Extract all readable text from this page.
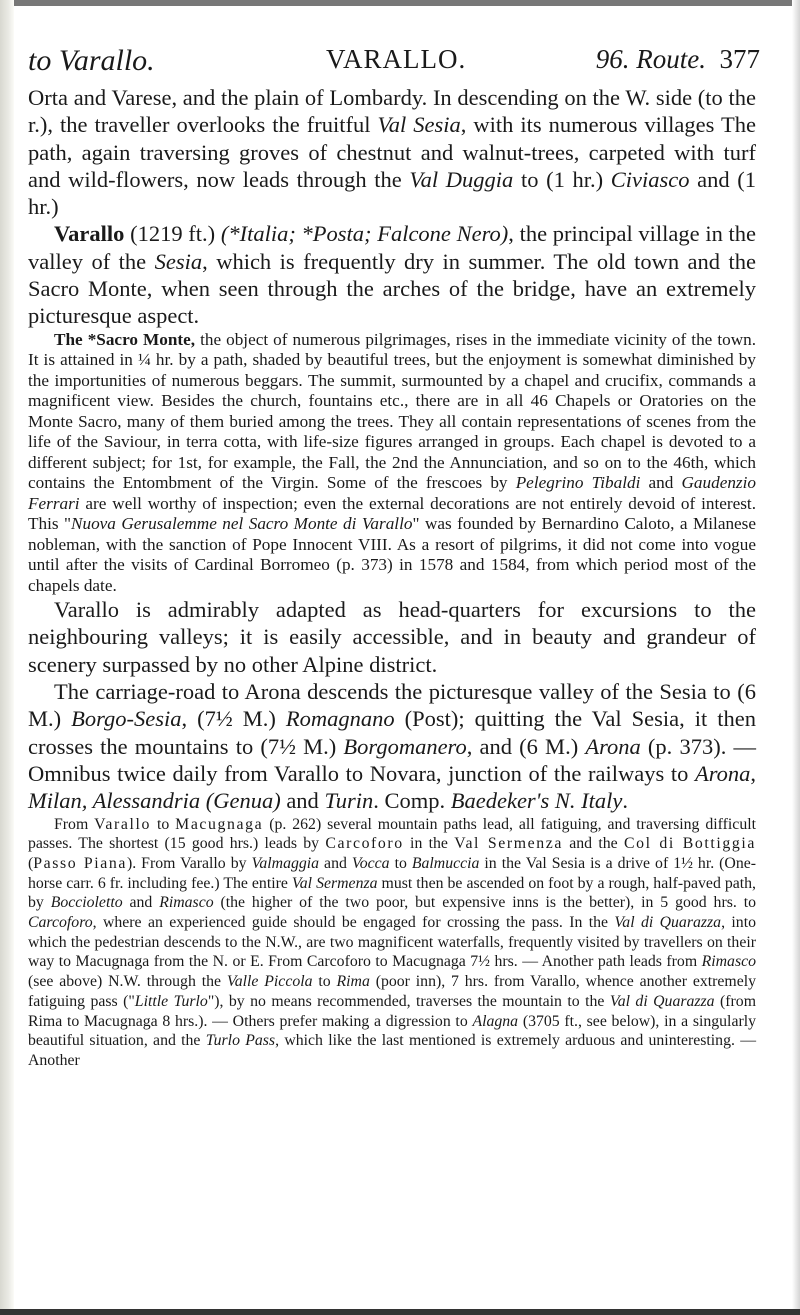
to Varallo.	VARALLO.	96. Route. 377

Orta and Varese, and the plain of Lombardy. In descending on the W. side (to the r.), the traveller overlooks the fruitful Val Sesia, with its numerous villages The path, again traversing groves of chestnut and walnut-trees, carpeted with turf and wild-flowers, now leads through the Val Duggia to (1 hr.) Civiasco and (1 hr.)

Varallo (1219 ft.) (*Italia; *Posta; Falcone Nero), the principal village in the valley of the Sesia, which is frequently dry in summer. The old town and the Sacro Monte, when seen through the arches of the bridge, have an extremely picturesque aspect.

The *Sacro Monte, the object of numerous pilgrimages, rises in the immediate vicinity of the town. It is attained in ¼ hr. by a path, shaded by beautiful trees, but the enjoyment is somewhat diminished by the importunities of numerous beggars. The summit, surmounted by a chapel and crucifix, commands a magnificent view. Besides the church, fountains etc., there are in all 46 Chapels or Oratories on the Monte Sacro, many of them buried among the trees. They all contain representations of scenes from the life of the Saviour, in terra cotta, with life-size figures arranged in groups. Each chapel is devoted to a different subject; for 1st, for example, the Fall, the 2nd the Annunciation, and so on to the 46th, which contains the Entombment of the Virgin. Some of the frescoes by Pelegrino Tibaldi and Gaudenzio Ferrari are well worthy of inspection; even the external decorations are not entirely devoid of interest. This "Nuova Gerusalemme nel Sacro Monte di Varallo" was founded by Bernardino Caloto, a Milanese nobleman, with the sanction of Pope Innocent VIII. As a resort of pilgrims, it did not come into vogue until after the visits of Cardinal Borromeo (p. 373) in 1578 and 1584, from which period most of the chapels date.

Varallo is admirably adapted as head-quarters for excursions to the neighbouring valleys; it is easily accessible, and in beauty and grandeur of scenery surpassed by no other Alpine district.

The carriage-road to Arona descends the picturesque valley of the Sesia to (6 M.) Borgo-Sesia, (7½ M.) Romagnano (Post); quitting the Val Sesia, it then crosses the mountains to (7½ M.) Borgomanero, and (6 M.) Arona (p. 373). — Omnibus twice daily from Varallo to Novara, junction of the railways to Arona, Milan, Alessandria (Genua) and Turin. Comp. Baedeker's N. Italy.

From Varallo to Macugnaga (p. 262) several mountain paths lead, all fatiguing, and traversing difficult passes. The shortest (15 good hrs.) leads by Carcoforo in the Val Sermenza and the Col di Bottiggia (Passo Piana). From Varallo by Valmaggia and Vocca to Balmuccia in the Val Sesia is a drive of 1½ hr. (One-horse carr. 6 fr. including fee.) The entire Val Sermenza must then be ascended on foot by a rough, half-paved path, by Boccioletto and Rimasco (the higher of the two poor, but expensive inns is the better), in 5 good hrs. to Carcoforo, where an experienced guide should be engaged for crossing the pass. In the Val di Quarazza, into which the pedestrian descends to the N.W., are two magnificent waterfalls, frequently visited by travellers on their way to Macugnaga from the N. or E. From Carcoforo to Macugnaga 7½ hrs. — Another path leads from Rimasco (see above) N.W. through the Valle Piccola to Rima (poor inn), 7 hrs. from Varallo, whence another extremely fatiguing pass ("Little Turlo"), by no means recommended, traverses the mountain to the Val di Quarazza (from Rima to Macugnaga 8 hrs.). — Others prefer making a digression to Alagna (3705 ft., see below), in a singularly beautiful situation, and the Turlo Pass, which like the last mentioned is extremely arduous and uninteresting. — Another
